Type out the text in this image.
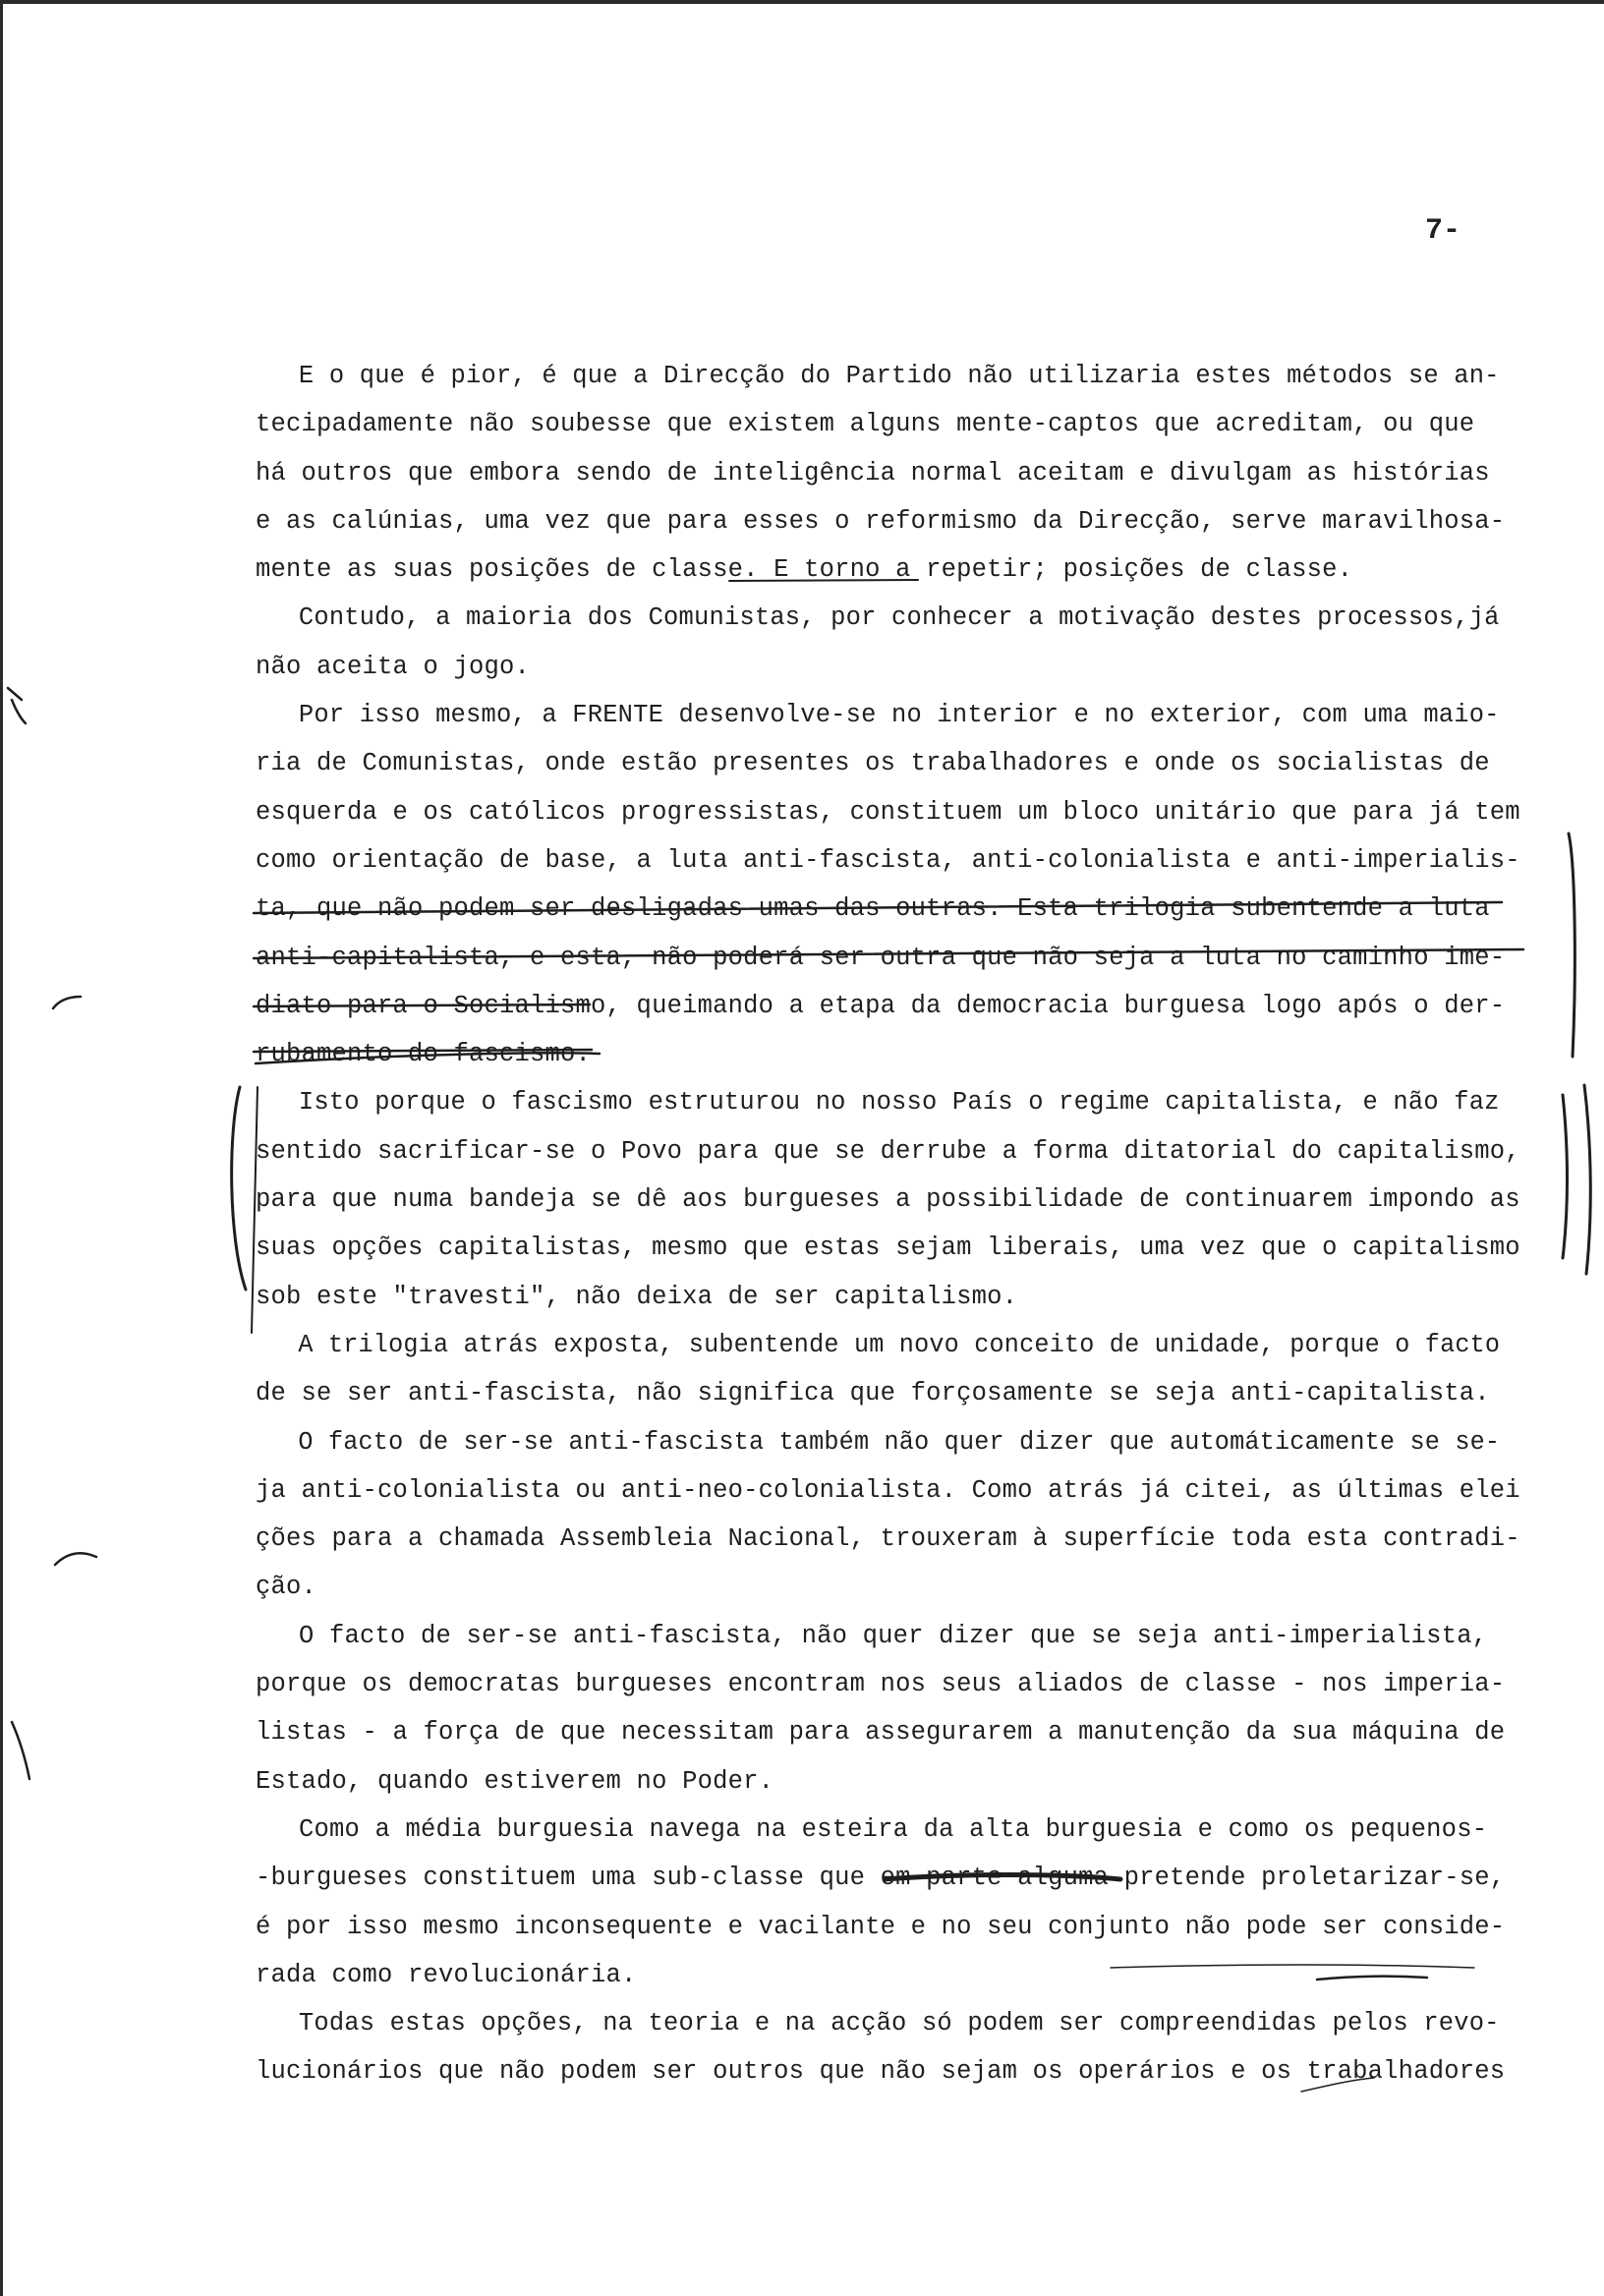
7-
E o que é pior, é que a Direcção do Partido não utilizaria estes métodos se an-
tecipadamente não soubesse que existem alguns mente-captos que acreditam, ou que
há outros que embora sendo de inteligência normal aceitam e divulgam as histórias
e as calúnias, uma vez que para esses o reformismo da Direcção, serve maravilhosa-
mente as suas posições de classe. E torno a repetir; posições de classe.
Contudo, a maioria dos Comunistas, por conhecer a motivação destes processos,já
não aceita o jogo.
Por isso mesmo, a FRENTE desenvolve-se no interior e no exterior, com uma maio-
ria de Comunistas, onde estão presentes os trabalhadores e onde os socialistas de
esquerda e os católicos progressistas, constituem um bloco unitário que para já tem
como orientação de base, a luta anti-fascista, anti-colonialista e anti-imperialis-
ta, que não podem ser desligadas umas das outras. Esta trilogia subentende a luta
anti-capitalista, e esta, não poderá ser outra que não seja a luta no caminho ime-
diato para o Socialismo, queimando a etapa da democracia burguesa logo após o der-
rubamento do fascismo.
Isto porque o fascismo estruturou no nosso País o regime capitalista, e não faz
sentido sacrificar-se o Povo para que se derrube a forma ditatorial do capitalismo,
para que numa bandeja se dê aos burgueses a possibilidade de continuarem impondo as
suas opções capitalistas, mesmo que estas sejam liberais, uma vez que o capitalismo
sob este "travesti", não deixa de ser capitalismo.
A trilogia atrás exposta, subentende um novo conceito de unidade, porque o facto
de se ser anti-fascista, não significa que forçosamente se seja anti-capitalista.
O facto de ser-se anti-fascista também não quer dizer que automáticamente se se-
ja anti-colonialista ou anti-neo-colonialista. Como atrás já citei, as últimas elei
ções para a chamada Assembleia Nacional, trouxeram à superfície toda esta contradi-
ção.
O facto de ser-se anti-fascista, não quer dizer que se seja anti-imperialista,
porque os democratas burgueses encontram nos seus aliados de classe - nos imperia-
listas - a força de que necessitam para assegurarem a manutenção da sua máquina de
Estado, quando estiverem no Poder.
Como a média burguesia navega na esteira da alta burguesia e como os pequenos-
-burgueses constituem uma sub-classe que em parte alguma pretende proletarizar-se,
é por isso mesmo inconsequente e vacilante e no seu conjunto não pode ser conside-
rada como revolucionária.
Todas estas opções, na teoria e na acção só podem ser compreendidas pelos revo-
lucionários que não podem ser outros que não sejam os operários e os trabalhadores
